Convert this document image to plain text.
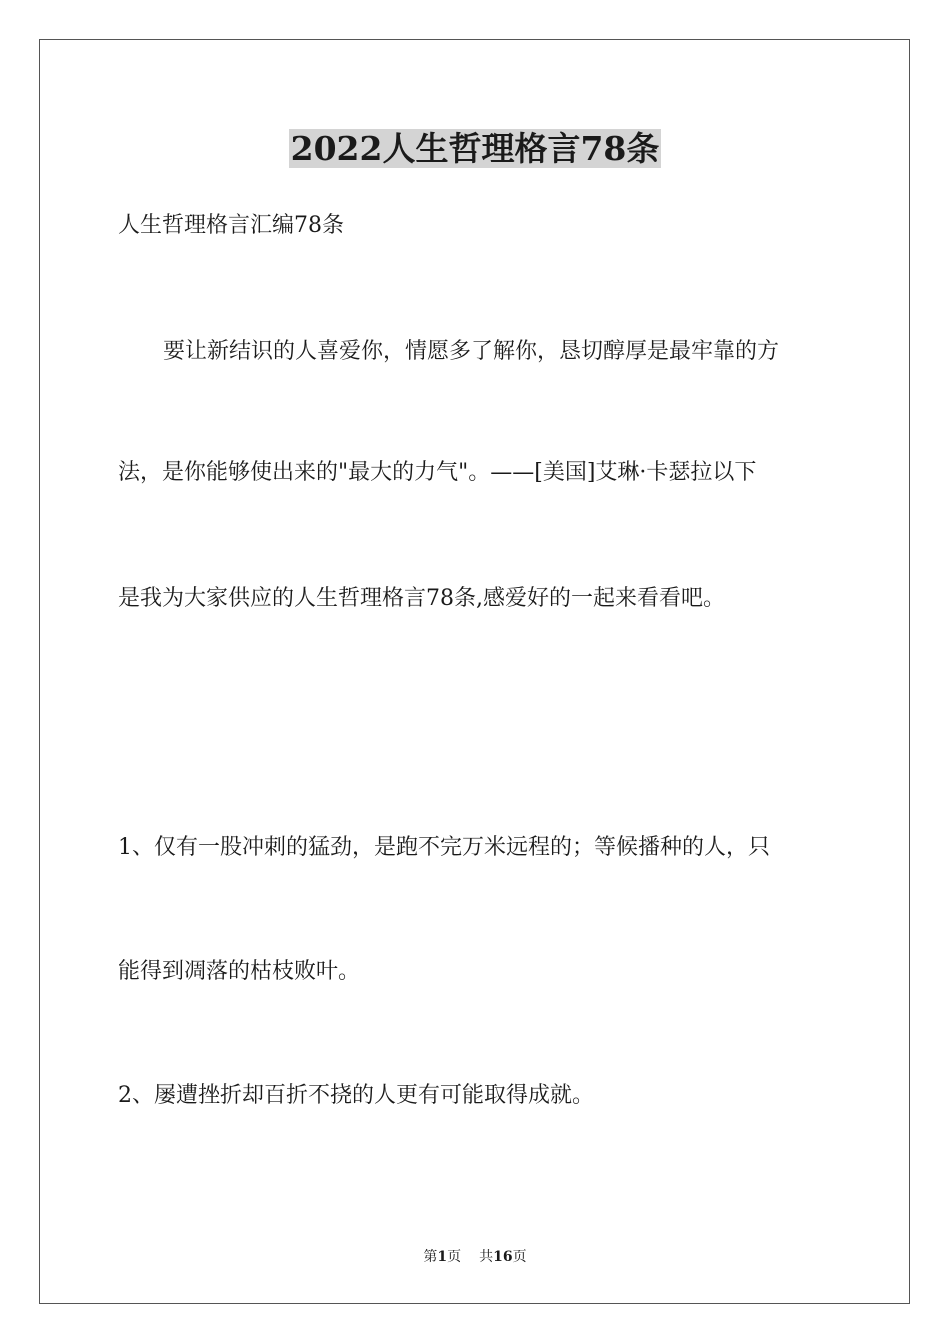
2022人生哲理格言78条
人生哲理格言汇编78条
要让新结识的人喜爱你，情愿多了解你，恳切醇厚是最牢靠的方
法，是你能够使出来的"最大的力气"。——[美国]艾琳·卡瑟拉以下
是我为大家供应的人生哲理格言78条,感爱好的一起来看看吧。
1、仅有一股冲刺的猛劲，是跑不完万米远程的；等候播种的人，只
能得到凋落的枯枝败叶。
2、屡遭挫折却百折不挠的人更有可能取得成就。
第1页 共16页
